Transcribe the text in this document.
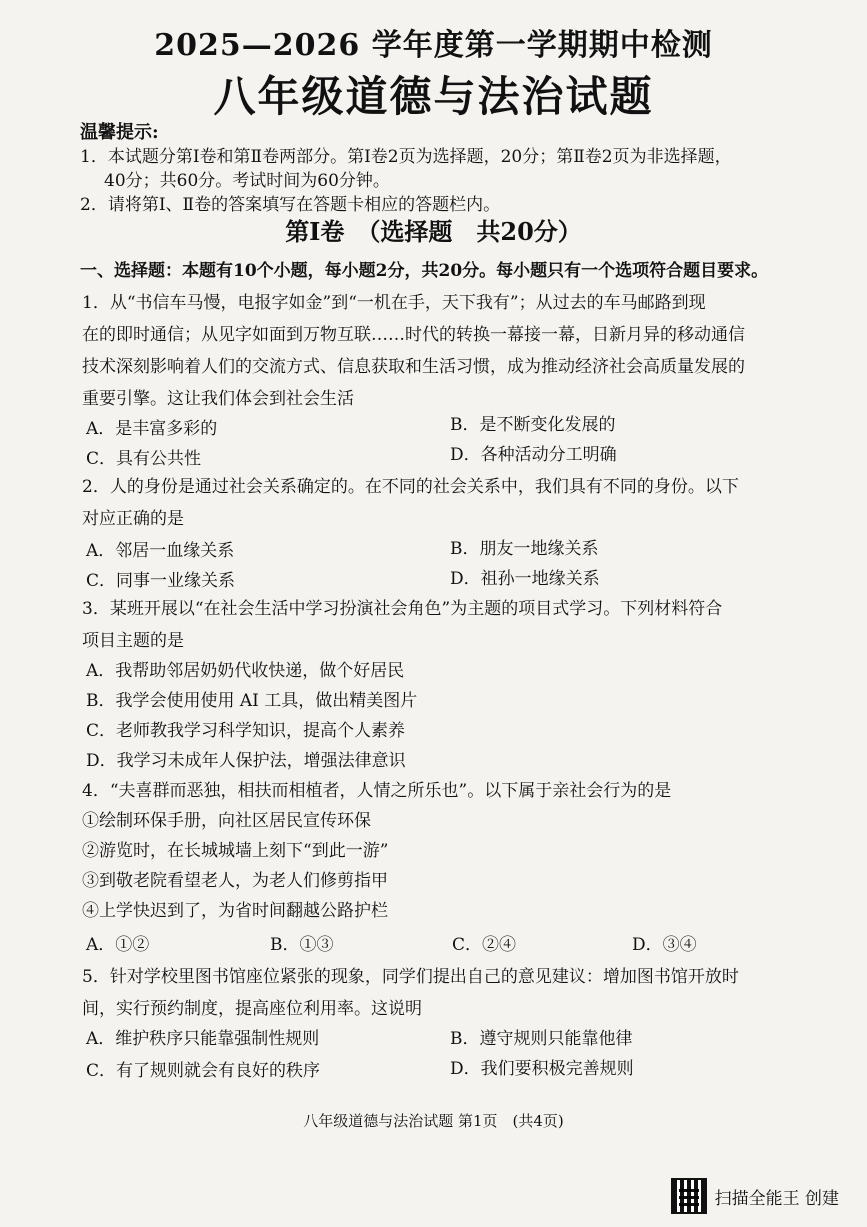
2025—2026 学年度第一学期期中检测
八年级道德与法治试题
温馨提示:
1．本试题分第Ⅰ卷和第Ⅱ卷两部分。第Ⅰ卷2页为选择题，20分；第Ⅱ卷2页为非选择题，
40分；共60分。考试时间为60分钟。
2．请将第Ⅰ、Ⅱ卷的答案填写在答题卡相应的答题栏内。
第Ⅰ卷　（选择题　共20分）
一、选择题：本题有10个小题，每小题2分，共20分。每小题只有一个选项符合题目要求。
1．从“书信车马慢，电报字如金”到“一机在手，天下我有”；从过去的车马邮路到现
在的即时通信；从见字如面到万物互联……时代的转换一幕接一幕，日新月异的移动通信
技术深刻影响着人们的交流方式、信息获取和生活习惯，成为推动经济社会高质量发展的
重要引擎。这让我们体会到社会生活
A．是丰富多彩的	B．是不断变化发展的
C．具有公共性	D．各种活动分工明确
2．人的身份是通过社会关系确定的。在不同的社会关系中，我们具有不同的身份。以下
对应正确的是
A．邻居一血缘关系	B．朋友一地缘关系
C．同事一业缘关系	D．祖孙一地缘关系
3．某班开展以“在社会生活中学习扮演社会角色”为主题的项目式学习。下列材料符合
项目主题的是
A．我帮助邻居奶奶代收快递，做个好居民
B．我学会使用使用 AI 工具，做出精美图片
C．老师教我学习科学知识，提高个人素养
D．我学习未成年人保护法，增强法律意识
4．“夫喜群而恶独，相扶而相植者，人情之所乐也”。以下属于亲社会行为的是
①绘制环保手册，向社区居民宣传环保
②游览时，在长城城墙上刻下“到此一游”
③到敬老院看望老人，为老人们修剪指甲
④上学快迟到了，为省时间翻越公路护栏
A．①②	B．①③	C．②④	D．③④
5．针对学校里图书馆座位紧张的现象，同学们提出自己的意见建议：增加图书馆开放时
间，实行预约制度，提高座位利用率。这说明
A．维护秩序只能靠强制性规则	B．遵守规则只能靠他律
C．有了规则就会有良好的秩序	D．我们要积极完善规则
八年级道德与法治试题 第1页　(共4页)
扫描全能王 创建
